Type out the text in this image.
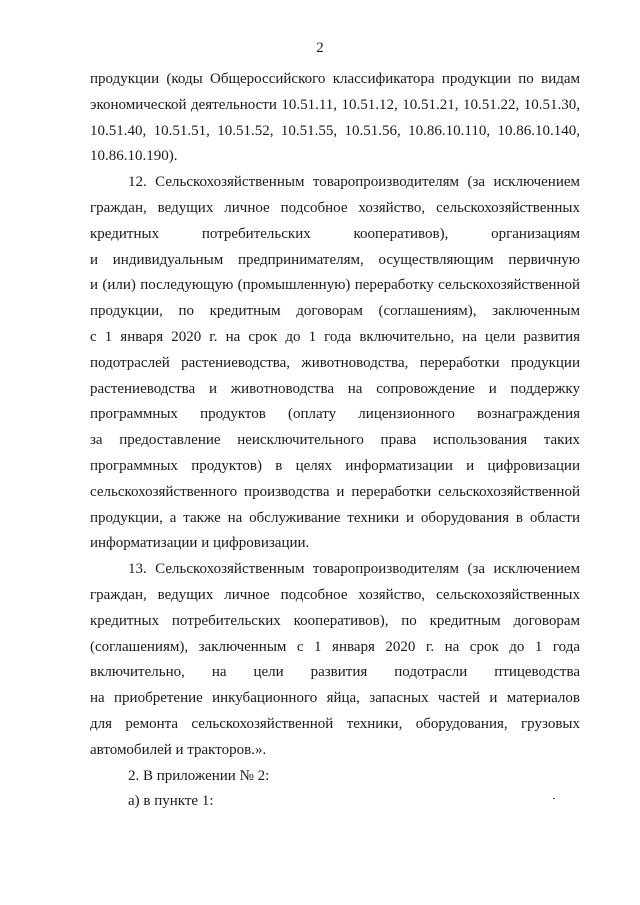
2
продукции (коды Общероссийского классификатора продукции по видам
экономической деятельности 10.51.11, 10.51.12, 10.51.21, 10.51.22, 10.51.30,
10.51.40, 10.51.51, 10.51.52, 10.51.55, 10.51.56, 10.86.10.110, 10.86.10.140,
10.86.10.190).
12. Сельскохозяйственным товаропроизводителям (за исключением
граждан, ведущих личное подсобное хозяйство, сельскохозяйственных
кредитных потребительских кооперативов), организациям
и индивидуальным предпринимателям, осуществляющим первичную
и (или) последующую (промышленную) переработку сельскохозяйственной
продукции, по кредитным договорам (соглашениям), заключенным
с 1 января 2020 г. на срок до 1 года включительно, на цели развития
подотраслей растениеводства, животноводства, переработки продукции
растениеводства и животноводства на сопровождение и поддержку
программных продуктов (оплату лицензионного вознаграждения
за предоставление неисключительного права использования таких
программных продуктов) в целях информатизации и цифровизации
сельскохозяйственного производства и переработки сельскохозяйственной
продукции, а также на обслуживание техники и оборудования в области
информатизации и цифровизации.
13. Сельскохозяйственным товаропроизводителям (за исключением
граждан, ведущих личное подсобное хозяйство, сельскохозяйственных
кредитных потребительских кооперативов), по кредитным договорам
(соглашениям), заключенным с 1 января 2020 г. на срок до 1 года
включительно, на цели развития подотрасли птицеводства
на приобретение инкубационного яйца, запасных частей и материалов
для ремонта сельскохозяйственной техники, оборудования, грузовых
автомобилей и тракторов.».
2. В приложении № 2:
а) в пункте 1:
